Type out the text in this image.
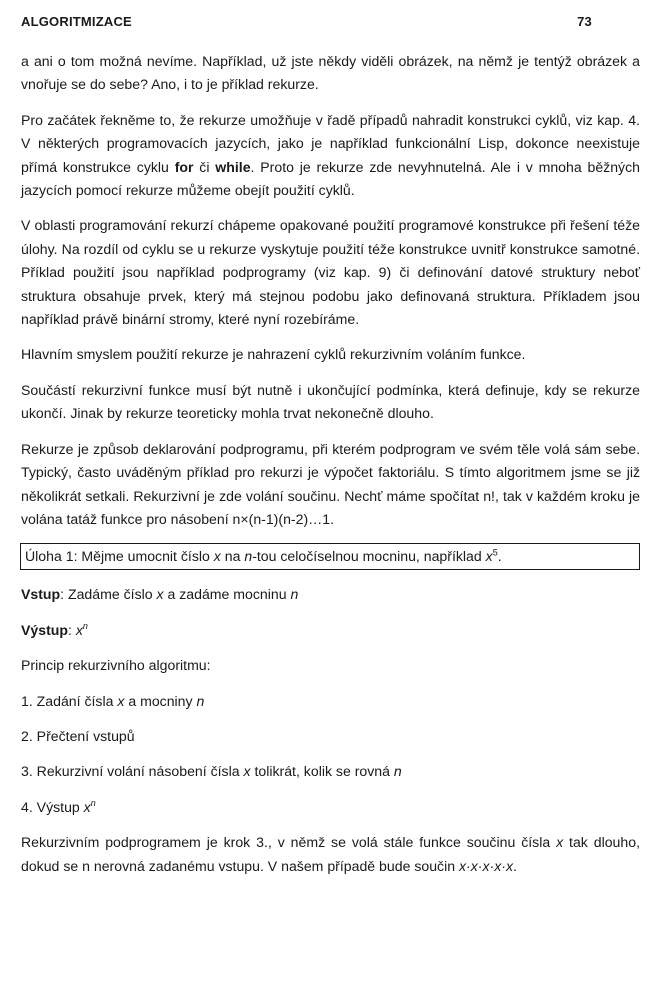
ALGORITMIZACE	73

a ani o tom možná nevíme. Například, už jste někdy viděli obrázek, na němž je tentýž obrázek a vnořuje se do sebe? Ano, i to je příklad rekurze.

Pro začátek řekněme to, že rekurze umožňuje v řadě případů nahradit konstrukci cyklů, viz kap. 4. V některých programovacích jazycích, jako je například funkcionální Lisp, dokonce neexistuje přímá konstrukce cyklu for či while. Proto je rekurze zde nevyhnutelná. Ale i v mnoha běžných jazycích pomocí rekurze můžeme obejít použití cyklů.

V oblasti programování rekurzí chápeme opakované použití programové konstrukce při řešení téže úlohy. Na rozdíl od cyklu se u rekurze vyskytuje použití téže konstrukce uvnitř konstrukce samotné. Příklad použití jsou například podprogramy (viz kap. 9) či definování datové struktury neboť struktura obsahuje prvek, který má stejnou podobu jako definovaná struktura. Příkladem jsou například právě binární stromy, které nyní rozebíráme.

Hlavním smyslem použití rekurze je nahrazení cyklů rekurzivním voláním funkce.

Součástí rekurzivní funkce musí být nutně i ukončující podmínka, která definuje, kdy se rekurze ukončí. Jinak by rekurze teoreticky mohla trvat nekonečně dlouho.

Rekurze je způsob deklarování podprogramu, při kterém podprogram ve svém těle volá sám sebe. Typický, často uváděným příklad pro rekurzi je výpočet faktoriálu. S tímto algoritmem jsme se již několikrát setkali. Rekurzivní je zde volání součinu. Nechť máme spočítat n!, tak v každém kroku je volána tatáž funkce pro násobení n×(n-1)(n-2)…1.

Úloha 1: Mějme umocnit číslo x na n-tou celočíselnou mocninu, například $x^5$.

Vstup: Zadáme číslo x a zadáme mocninu n

Výstup: $x^n$

Princip rekurzivního algoritmu:

1. Zadání čísla x a mocniny n

2. Přečtení vstupů

3. Rekurzivní volání násobení čísla x tolikrát, kolik se rovná n

4. Výstup $x^n$

Rekurzivním podprogramem je krok 3., v němž se volá stále funkce součinu čísla x tak dlouho, dokud se n nerovná zadanému vstupu. V našem případě bude součin x·x·x·x·x.
